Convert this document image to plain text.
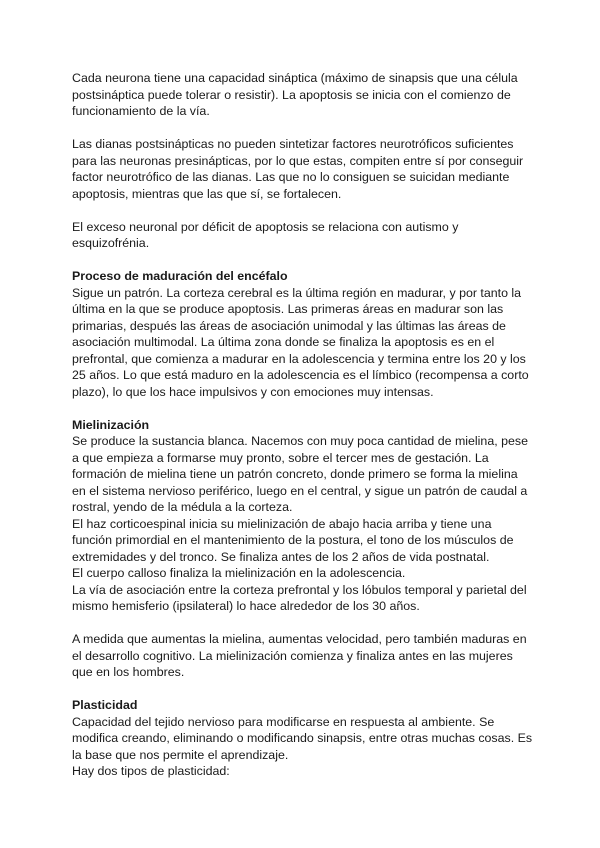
Cada neurona tiene una capacidad sináptica (máximo de sinapsis que una célula postsináptica puede tolerar o resistir). La apoptosis se inicia con el comienzo de funcionamiento de la vía.

Las dianas postsinápticas no pueden sintetizar factores neurotróficos suficientes para las neuronas presinápticas, por lo que estas, compiten entre sí por conseguir factor neurotrófico de las dianas. Las que no lo consiguen se suicidan mediante apoptosis, mientras que las que sí, se fortalecen.

El exceso neuronal por déficit de apoptosis se relaciona con autismo y esquizofrénia.

Proceso de maduración del encéfalo

Sigue un patrón. La corteza cerebral es la última región en madurar, y por tanto la última en la que se produce apoptosis. Las primeras áreas en madurar son las primarias, después las áreas de asociación unimodal y las últimas las áreas de asociación multimodal. La última zona donde se finaliza la apoptosis es en el prefrontal, que comienza a madurar en la adolescencia y termina entre los 20 y los 25 años. Lo que está maduro en la adolescencia es el límbico (recompensa a corto plazo), lo que los hace impulsivos y con emociones muy intensas.

Mielinización

Se produce la sustancia blanca. Nacemos con muy poca cantidad de mielina, pese a que empieza a formarse muy pronto, sobre el tercer mes de gestación. La formación de mielina tiene un patrón concreto, donde primero se forma la mielina en el sistema nervioso periférico, luego en el central, y sigue un patrón de caudal a rostral, yendo de la médula a la corteza.

El haz corticoespinal inicia su mielinización de abajo hacia arriba y tiene una función primordial en el mantenimiento de la postura, el tono de los músculos de extremidades y del tronco. Se finaliza antes de los 2 años de vida postnatal.

El cuerpo calloso finaliza la mielinización en la adolescencia.

La vía de asociación entre la corteza prefrontal y los lóbulos temporal y parietal del mismo hemisferio (ipsilateral) lo hace alrededor de los 30 años.

A medida que aumentas la mielina, aumentas velocidad, pero también maduras en el desarrollo cognitivo. La mielinización comienza y finaliza antes en las mujeres que en los hombres.

Plasticidad

Capacidad del tejido nervioso para modificarse en respuesta al ambiente. Se modifica creando, eliminando o modificando sinapsis, entre otras muchas cosas. Es la base que nos permite el aprendizaje.

Hay dos tipos de plasticidad:
